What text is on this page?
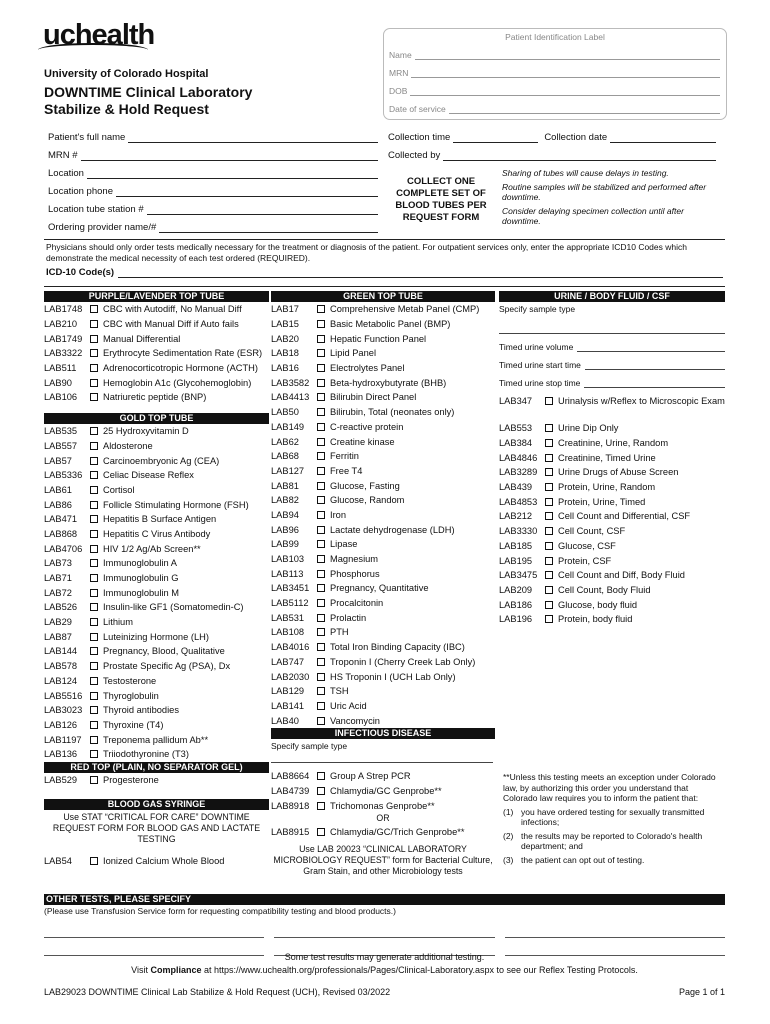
uchealth
University of Colorado Hospital
DOWNTIME Clinical Laboratory
Stabilize & Hold Request
Patient Identification Label
Name
MRN
DOB
Date of service
Patient's full name
MRN #
Location
Location phone
Location tube station #
Ordering provider name/#
Collection time	Collection date
Collected by
COLLECT ONE COMPLETE SET OF BLOOD TUBES PER REQUEST FORM

Sharing of tubes will cause delays in testing.

Routine samples will be stabilized and performed after downtime.

Consider delaying specimen collection until after downtime.

Physicians should only order tests medically necessary for the treatment or diagnosis of the patient. For outpatient services only, enter the appropriate ICD10 Codes which demonstrate the medical necessity of each test ordered (REQUIRED).
ICD-10 Code(s)
PURPLE/LAVENDER TOP TUBE
LAB1748	CBC with Autodiff, No Manual Diff
LAB210	CBC with Manual Diff if Auto fails
LAB1749	Manual Differential
LAB3322	Erythrocyte Sedimentation Rate (ESR)
LAB511	Adrenocorticotropic Hormone (ACTH)
LAB90	Hemoglobin A1c (Glycohemoglobin)
LAB106	Natriuretic peptide (BNP)
GOLD TOP TUBE
LAB535	25 Hydroxyvitamin D
LAB557	Aldosterone
LAB57	Carcinoembryonic Ag (CEA)
LAB5336	Celiac Disease Reflex
LAB61	Cortisol
LAB86	Follicle Stimulating Hormone (FSH)
LAB471	Hepatitis B Surface Antigen
LAB868	Hepatitis C Virus Antibody
LAB4706	HIV 1/2 Ag/Ab Screen**
LAB73	Immunoglobulin A
LAB71	Immunoglobulin G
LAB72	Immunoglobulin M
LAB526	Insulin-like GF1 (Somatomedin-C)
LAB29	Lithium
LAB87	Luteinizing Hormone (LH)
LAB144	Pregnancy, Blood, Qualitative
LAB578	Prostate Specific Ag (PSA), Dx
LAB124	Testosterone
LAB5516	Thyroglobulin
LAB3023	Thyroid antibodies
LAB126	Thyroxine (T4)
LAB1197	Treponema pallidum Ab**
LAB136	Triiodothyronine (T3)
RED TOP (PLAIN, NO SEPARATOR GEL)
LAB529	Progesterone
BLOOD GAS SYRINGE
Use STAT “CRITICAL FOR CARE” DOWNTIME REQUEST FORM FOR BLOOD GAS AND LACTATE TESTING
LAB54	Ionized Calcium Whole Blood
GREEN TOP TUBE
LAB17	Comprehensive Metab Panel (CMP)
LAB15	Basic Metabolic Panel (BMP)
LAB20	Hepatic Function Panel
LAB18	Lipid Panel
LAB16	Electrolytes Panel
LAB3582	Beta-hydroxybutyrate (BHB)
LAB4413	Bilirubin Direct Panel
LAB50	Bilirubin, Total (neonates only)
LAB149	C-reactive protein
LAB62	Creatine kinase
LAB68	Ferritin
LAB127	Free T4
LAB81	Glucose, Fasting
LAB82	Glucose, Random
LAB94	Iron
LAB96	Lactate dehydrogenase (LDH)
LAB99	Lipase
LAB103	Magnesium
LAB113	Phosphorus
LAB3451	Pregnancy, Quantitative
LAB5112	Procalcitonin
LAB531	Prolactin
LAB108	PTH
LAB4016	Total Iron Binding Capacity (IBC)
LAB747	Troponin I (Cherry Creek Lab Only)
LAB2030	HS Troponin I (UCH Lab Only)
LAB129	TSH
LAB141	Uric Acid
LAB40	Vancomycin
INFECTIOUS DISEASE
Specify sample type
LAB8664	Group A Strep PCR
LAB4739	Chlamydia/GC Genprobe**
LAB8918	Trichomonas Genprobe**
OR
LAB8915	Chlamydia/GC/Trich Genprobe**
Use LAB 20023 “CLINICAL LABORATORY MICROBIOLOGY REQUEST” form for Bacterial Culture, Gram Stain, and other Microbiology tests
URINE / BODY FLUID / CSF
Specify sample type
Timed urine volume
Timed urine start time
Timed urine stop time
LAB347	Urinalysis w/Reflex to Microscopic Exam
LAB553	Urine Dip Only
LAB384	Creatinine, Urine, Random
LAB4846	Creatinine, Timed Urine
LAB3289	Urine Drugs of Abuse Screen
LAB439	Protein, Urine, Random
LAB4853	Protein, Urine, Timed
LAB212	Cell Count and Differential, CSF
LAB3330	Cell Count, CSF
LAB185	Glucose, CSF
LAB195	Protein, CSF
LAB3475	Cell Count and Diff, Body Fluid
LAB209	Cell Count, Body Fluid
LAB186	Glucose, body fluid
LAB196	Protein, body fluid
**Unless this testing meets an exception under Colorado law, by authorizing this order you understand that Colorado law requires you to inform the patient that:
(1) you have ordered testing for sexually transmitted infections;
(2) the results may be reported to Colorado's health department; and
(3) the patient can opt out of testing.
OTHER TESTS, PLEASE SPECIFY
(Please use Transfusion Service form for requesting compatibility testing and blood products.)
Some test results may generate additional testing.
Visit Compliance at https://www.uchealth.org/professionals/Pages/Clinical-Laboratory.aspx to see our Reflex Testing Protocols.
LAB29023 DOWNTIME Clinical Lab Stabilize & Hold Request (UCH), Revised 03/2022	Page 1 of 1
